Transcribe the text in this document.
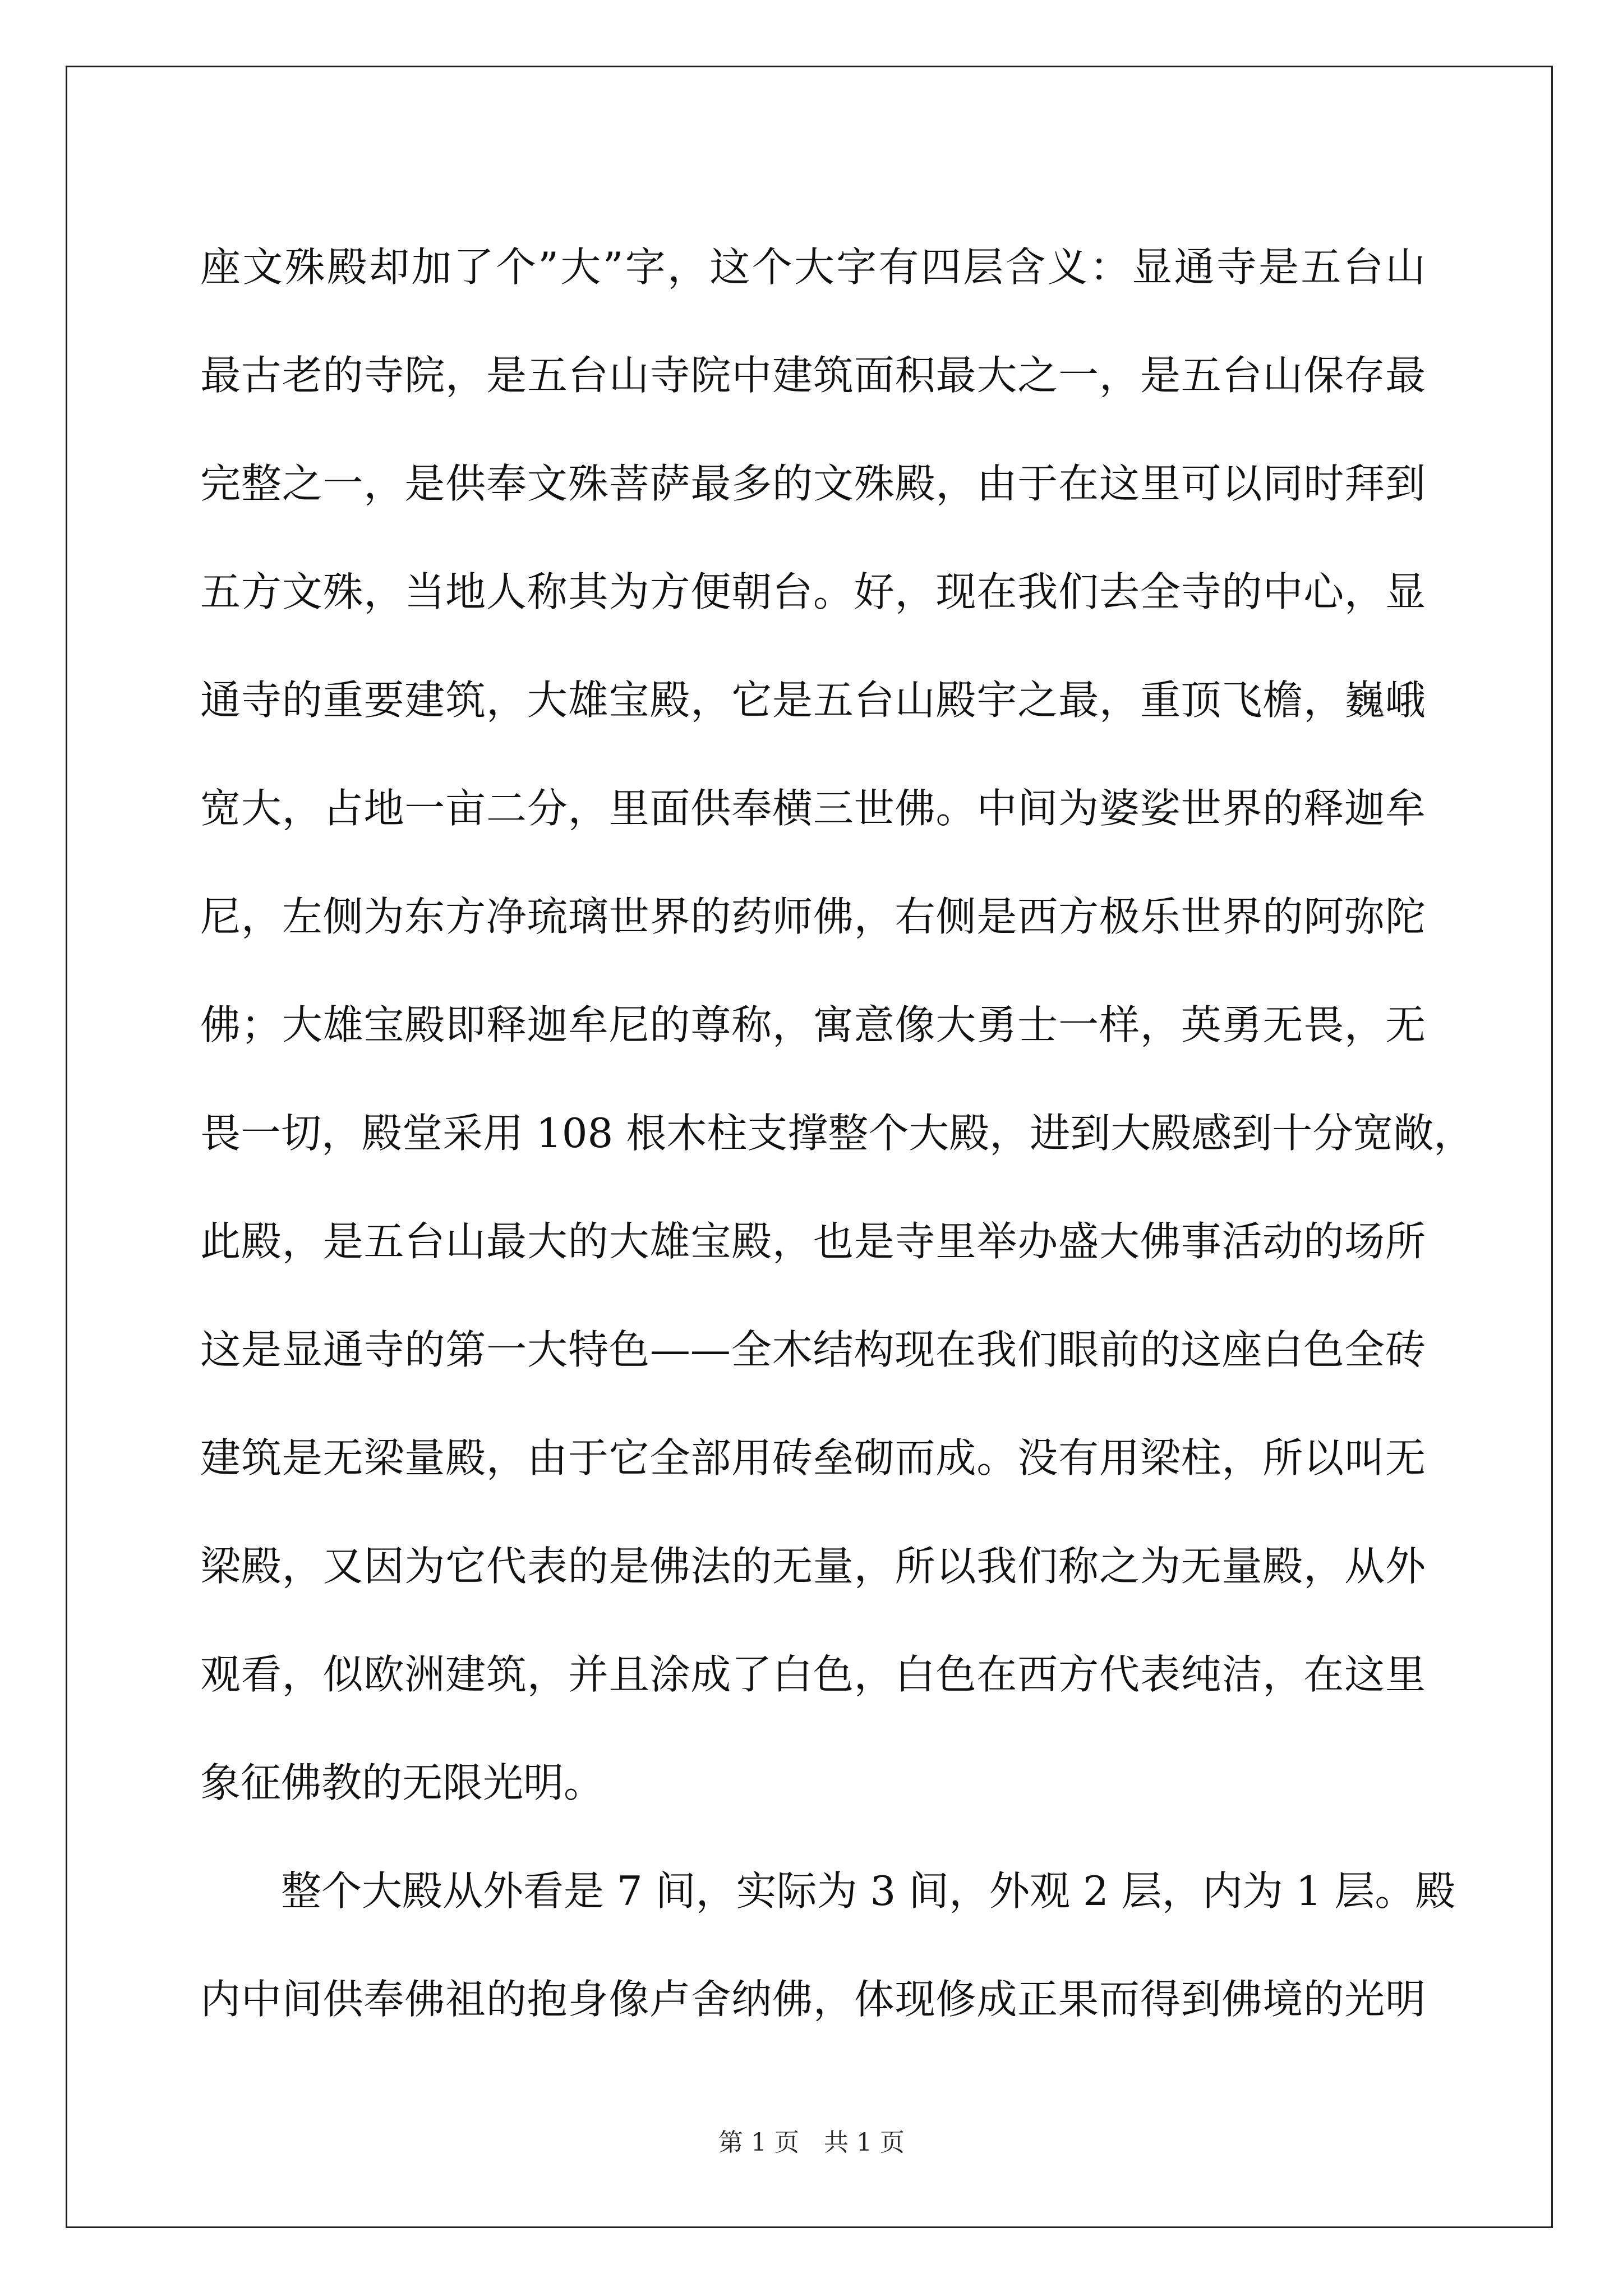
座文殊殿却加了个”大”字，这个大字有四层含义：显通寺是五台山
最古老的寺院，是五台山寺院中建筑面积最大之一，是五台山保存最
完整之一，是供奉文殊菩萨最多的文殊殿，由于在这里可以同时拜到
五方文殊，当地人称其为方便朝台。好，现在我们去全寺的中心，显
通寺的重要建筑，大雄宝殿，它是五台山殿宇之最，重顶飞檐，巍峨
宽大，占地一亩二分，里面供奉横三世佛。中间为婆娑世界的释迦牟
尼，左侧为东方净琉璃世界的药师佛，右侧是西方极乐世界的阿弥陀
佛；大雄宝殿即释迦牟尼的尊称，寓意像大勇士一样，英勇无畏，无
畏一切，殿堂采用 108 根木柱支撑整个大殿，进到大殿感到十分宽敞，
此殿，是五台山最大的大雄宝殿，也是寺里举办盛大佛事活动的场所
这是显通寺的第一大特色——全木结构现在我们眼前的这座白色全砖
建筑是无梁量殿，由于它全部用砖垒砌而成。没有用梁柱，所以叫无
梁殿，又因为它代表的是佛法的无量，所以我们称之为无量殿，从外
观看，似欧洲建筑，并且涂成了白色，白色在西方代表纯洁，在这里
象征佛教的无限光明。
整个大殿从外看是 7 间，实际为 3 间，外观 2 层，内为 1 层。殿
内中间供奉佛祖的抱身像卢舍纳佛，体现修成正果而得到佛境的光明
第 1 页　共 1 页
